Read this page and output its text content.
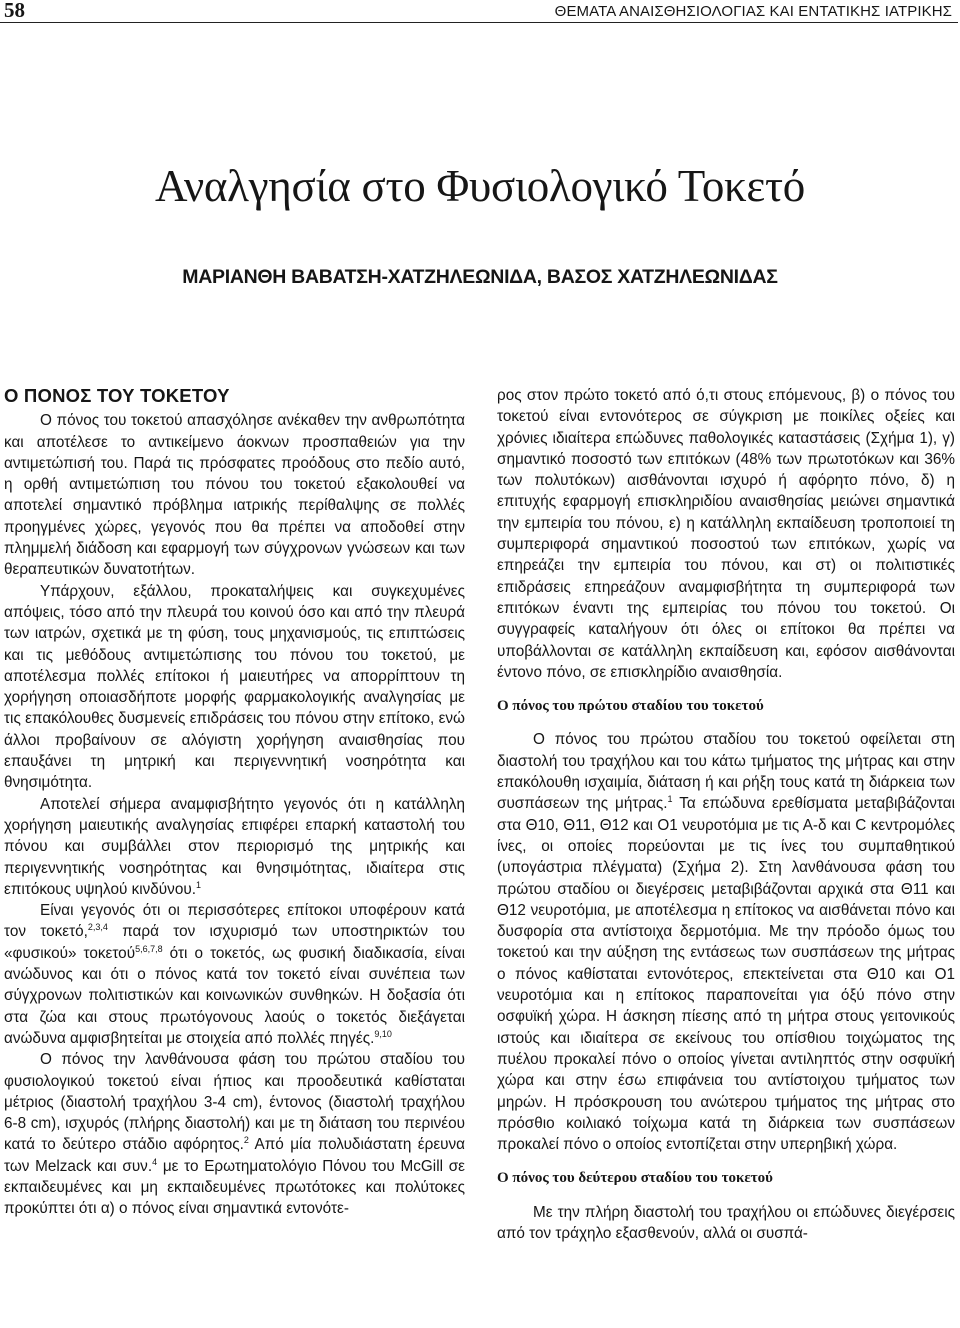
58	ΘΕΜΑΤΑ ΑΝΑΙΣΘΗΣΙΟΛΟΓΙΑΣ ΚΑΙ ΕΝΤΑΤΙΚΗΣ ΙΑΤΡΙΚΗΣ
Αναλγησία στο Φυσιολογικό Τοκετό
ΜΑΡΙΑΝΘΗ ΒΑΒΑΤΣΗ-ΧΑΤΖΗΛΕΩΝΙΔΑ, ΒΑΣΟΣ ΧΑΤΖΗΛΕΩΝΙΔΑΣ
Ο ΠΟΝΟΣ ΤΟΥ ΤΟΚΕΤΟΥ

Ο πόνος του τοκετού απασχόλησε ανέκαθεν την ανθρωπότητα και αποτέλεσε το αντικείμενο άοκνων προσπαθειών για την αντιμετώπισή του. Παρά τις πρόσφατες προόδους στο πεδίο αυτό, η ορθή αντιμετώπιση του πόνου του τοκετού εξακολουθεί να αποτελεί σημαντικό πρόβλημα ιατρικής περίθαλψης σε πολλές προηγμένες χώρες, γεγονός που θα πρέπει να αποδοθεί στην πλημμελή διάδοση και εφαρμογή των σύγχρονων γνώσεων και των θεραπευτικών δυνατοτήτων.

Υπάρχουν, εξάλλου, προκαταλήψεις και συγκεχυμένες απόψεις, τόσο από την πλευρά του κοινού όσο και από την πλευρά των ιατρών, σχετικά με τη φύση, τους μηχανισμούς, τις επιπτώσεις και τις μεθόδους αντιμετώπισης του πόνου του τοκετού, με αποτέλεσμα πολλές επίτοκοι ή μαιευτήρες να απορρίπτουν τη χορήγηση οποιασδήποτε μορφής φαρμακολογικής αναλγησίας με τις επακόλουθες δυσμενείς επιδράσεις του πόνου στην επίτοκο, ενώ άλλοι προβαίνουν σε αλόγιστη χορήγηση αναισθησίας που επαυξάνει τη μητρική και περιγεννητική νοσηρότητα και θνησιμότητα.

Αποτελεί σήμερα αναμφισβήτητο γεγονός ότι η κατάλληλη χορήγηση μαιευτικής αναλγησίας επιφέρει επαρκή καταστολή του πόνου και συμβάλλει στον περιορισμό της μητρικής και περιγεννητικής νοσηρότητας και θνησιμότητας, ιδιαίτερα στις επιτόκους υψηλού κινδύνου.$^1$

Είναι γεγονός ότι οι περισσότερες επίτοκοι υποφέρουν κατά τον τοκετό,$^{2,3,4}$ παρά τον ισχυρισμό των υποστηρικτών του «φυσικού» τοκετού$^{5,6,7,8}$ ότι ο τοκετός, ως φυσική διαδικασία, είναι ανώδυνος και ότι ο πόνος κατά τον τοκετό είναι συνέπεια των σύγχρονων πολιτιστικών και κοινωνικών συνθηκών. Η δοξασία ότι στα ζώα και στους πρωτόγονους λαούς ο τοκετός διεξάγεται ανώδυνα αμφισβητείται με στοιχεία από πολλές πηγές.$^{9,10}$

Ο πόνος την λανθάνουσα φάση του πρώτου σταδίου του φυσιολογικού τοκετού είναι ήπιος και προοδευτικά καθίσταται μέτριος (διαστολή τραχήλου 3-4 cm), έντονος (διαστολή τραχήλου 6-8 cm), ισχυρός (πλήρης διαστολή) και με τη διάταση του περινέου κατά το δεύτερο στάδιο αφόρητος.$^2$ Από μία πολυδιάστατη έρευνα των Melzack και συν.$^4$ με το Ερωτηματολόγιο Πόνου του McGill σε εκπαιδευμένες και μη εκπαιδευμένες πρωτότοκες και πολύτοκες προκύπτει ότι α) ο πόνος είναι σημαντικά εντονότε-

ρος στον πρώτο τοκετό από ό,τι στους επόμενους, β) ο πόνος του τοκετού είναι εντονότερος σε σύγκριση με ποικίλες οξείες και χρόνιες ιδιαίτερα επώδυνες παθολογικές καταστάσεις (Σχήμα 1), γ) σημαντικό ποσοστό των επιτόκων (48% των πρωτοτόκων και 36% των πολυτόκων) αισθάνονται ισχυρό ή αφόρητο πόνο, δ) η επιτυχής εφαρμογή επισκληριδίου αναισθησίας μειώνει σημαντικά την εμπειρία του πόνου, ε) η κατάλληλη εκπαίδευση τροποποιεί τη συμπεριφορά σημαντικού ποσοστού των επιτόκων, χωρίς να επηρεάζει την εμπειρία του πόνου, και στ) οι πολιτιστικές επιδράσεις επηρεάζουν αναμφισβήτητα τη συμπεριφορά των επιτόκων έναντι της εμπειρίας του πόνου του τοκετού. Οι συγγραφείς καταλήγουν ότι όλες οι επίτοκοι θα πρέπει να υποβάλλονται σε κατάλληλη εκπαίδευση και, εφόσον αισθάνονται έντονο πόνο, σε επισκληρίδιο αναισθησία.

Ο πόνος του πρώτου σταδίου του τοκετού

Ο πόνος του πρώτου σταδίου του τοκετού οφείλεται στη διαστολή του τραχήλου και του κάτω τμήματος της μήτρας και στην επακόλουθη ισχαιμία, διάταση ή και ρήξη τους κατά τη διάρκεια των συσπάσεων της μήτρας.$^1$ Τα επώδυνα ερεθίσματα μεταβιβάζονται στα Θ10, Θ11, Θ12 και Ο1 νευροτόμια με τις Α-δ και C κεντρομόλες ίνες, οι οποίες πορεύονται με τις ίνες του συμπαθητικού (υπογάστρια πλέγματα) (Σχήμα 2). Στη λανθάνουσα φάση του πρώτου σταδίου οι διεγέρσεις μεταβιβάζονται αρχικά στα Θ11 και Θ12 νευροτόμια, με αποτέλεσμα η επίτοκος να αισθάνεται πόνο και δυσφορία στα αντίστοιχα δερμοτόμια. Με την πρόοδο όμως του τοκετού και την αύξηση της εντάσεως των συσπάσεων της μήτρας ο πόνος καθίσταται εντονότερος, επεκτείνεται στα Θ10 και Ο1 νευροτόμια και η επίτοκος παραπονείται για όξύ πόνο στην οσφυϊκή χώρα. Η άσκηση πίεσης από τη μήτρα στους γειτονικούς ιστούς και ιδιαίτερα σε εκείνους του οπίσθιου τοιχώματος της πυέλου προκαλεί πόνο ο οποίος γίνεται αντιληπτός στην οσφυϊκή χώρα και στην έσω επιφάνεια του αντίστοιχου τμήματος των μηρών. Η πρόσκρουση του ανώτερου τμήματος της μήτρας στο πρόσθιο κοιλιακό τοίχωμα κατά τη διάρκεια των συσπάσεων προκαλεί πόνο ο οποίος εντοπίζεται στην υπερηβική χώρα.

Ο πόνος του δεύτερου σταδίου του τοκετού

Με την πλήρη διαστολή του τραχήλου οι επώδυνες διεγέρσεις από τον τράχηλο εξασθενούν, αλλά οι συσπά-
